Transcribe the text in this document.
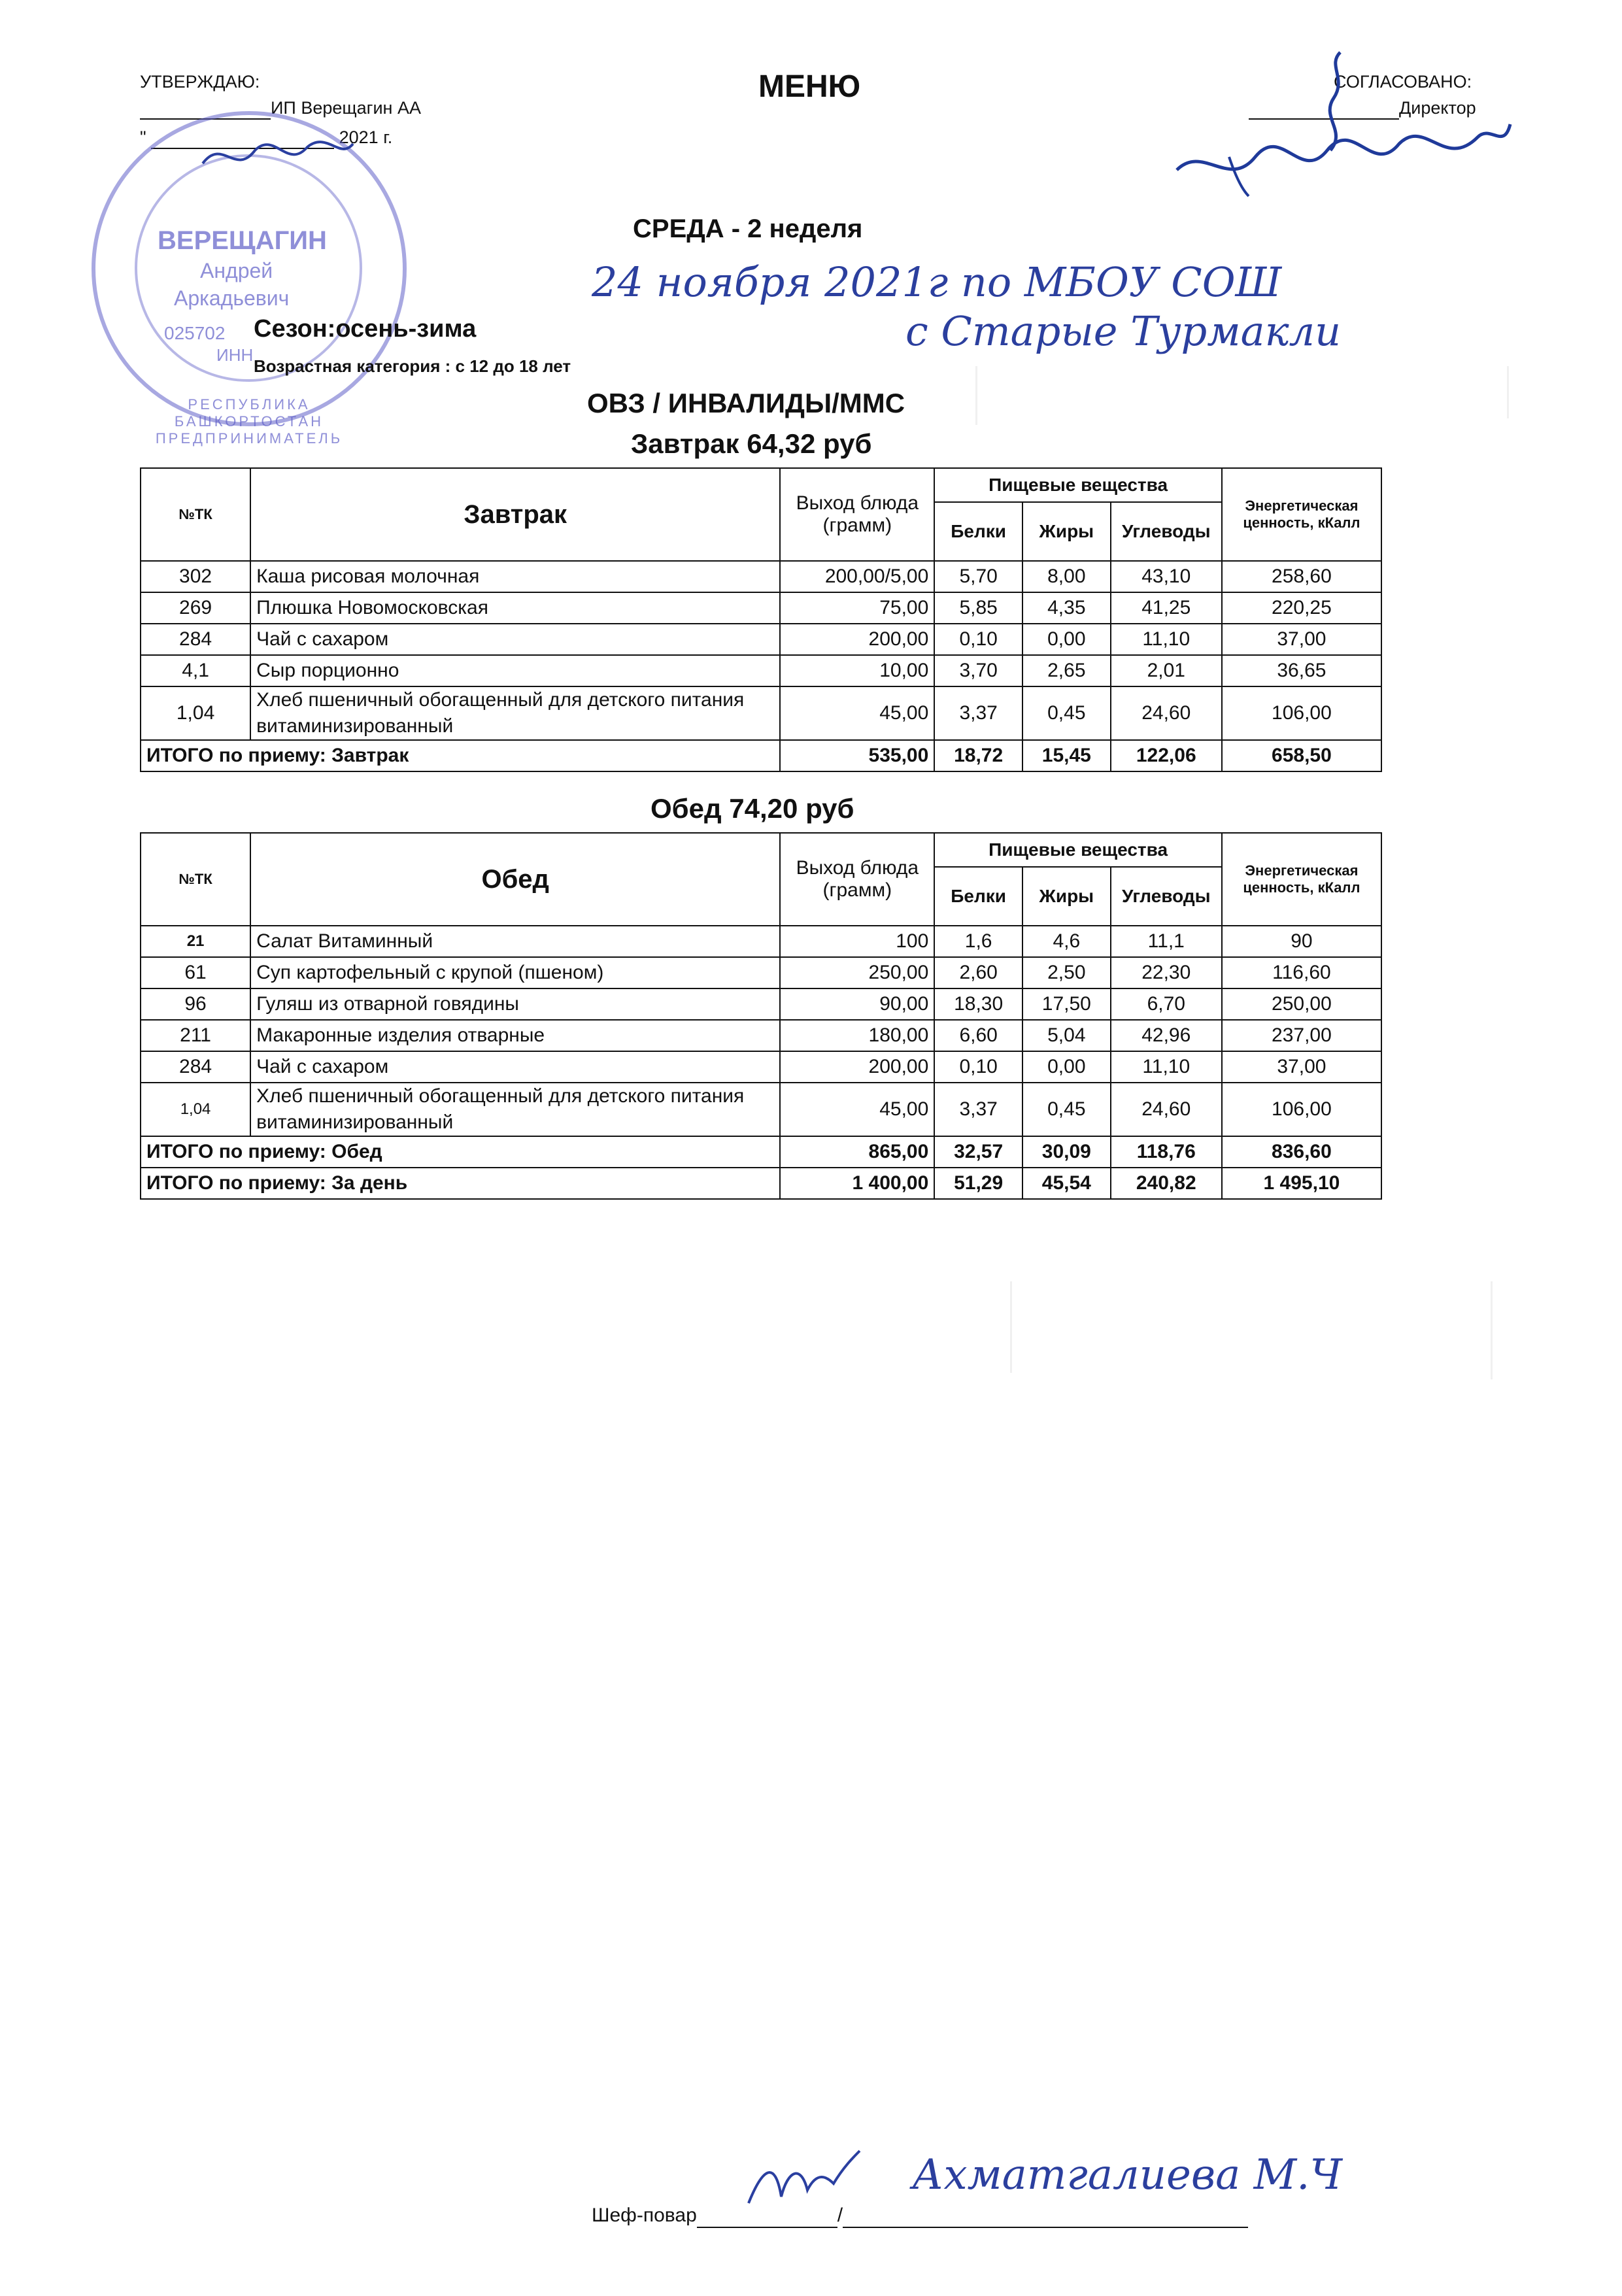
УТВЕРЖДАЮ:
ИП Верещагин АА
"	2021 г.
МЕНЮ	СОГЛАСОВАНО:
Директор
ВЕРЕЩАГИН
Андрей
Аркадьевич
025702
ИНН
РЕСПУБЛИКА БАШКОРТОСТАН ПРЕДПРИНИМАТЕЛЬ
СРЕДА - 2 неделя
24 ноября 2021г по МБОУ СОШ
с Старые Турмакли
Сезон:осень-зима
Возрастная категория : с 12 до 18 лет
ОВЗ / ИНВАЛИДЫ/ММС
Завтрак 64,32 руб
№ТК	Завтрак	Выход блюда (грамм)	Пищевые вещества			Энергетическая ценность, кКалл
			Белки	Жиры	Углеводы	
302	Каша рисовая молочная	200,00/5,00	5,70	8,00	43,10	258,60
269	Плюшка Новомосковская	75,00	5,85	4,35	41,25	220,25
284	Чай с сахаром	200,00	0,10	0,00	11,10	37,00
4,1	Сыр порционно	10,00	3,70	2,65	2,01	36,65
1,04	Хлеб пшеничный обогащенный для детского питания витаминизированный	45,00	3,37	0,45	24,60	106,00
ИТОГО по приему: Завтрак		535,00	18,72	15,45	122,06	658,50
Обед 74,20 руб
№ТК	Обед	Выход блюда (грамм)	Пищевые вещества			Энергетическая ценность, кКалл
			Белки	Жиры	Углеводы	
21	Салат Витаминный	100	1,6	4,6	11,1	90
61	Суп картофельный с крупой (пшеном)	250,00	2,60	2,50	22,30	116,60
96	Гуляш из отварной говядины	90,00	18,30	17,50	6,70	250,00
211	Макаронные изделия отварные	180,00	6,60	5,04	42,96	237,00
284	Чай с сахаром	200,00	0,10	0,00	11,10	37,00
1,04	Хлеб пшеничный обогащенный для детского питания витаминизированный	45,00	3,37	0,45	24,60	106,00
ИТОГО по приему: Обед		865,00	32,57	30,09	118,76	836,60
ИТОГО по приему: За день		1 400,00	51,29	45,54	240,82	1 495,10
Шеф-повар	/
Ахматгалиева М.Ч
